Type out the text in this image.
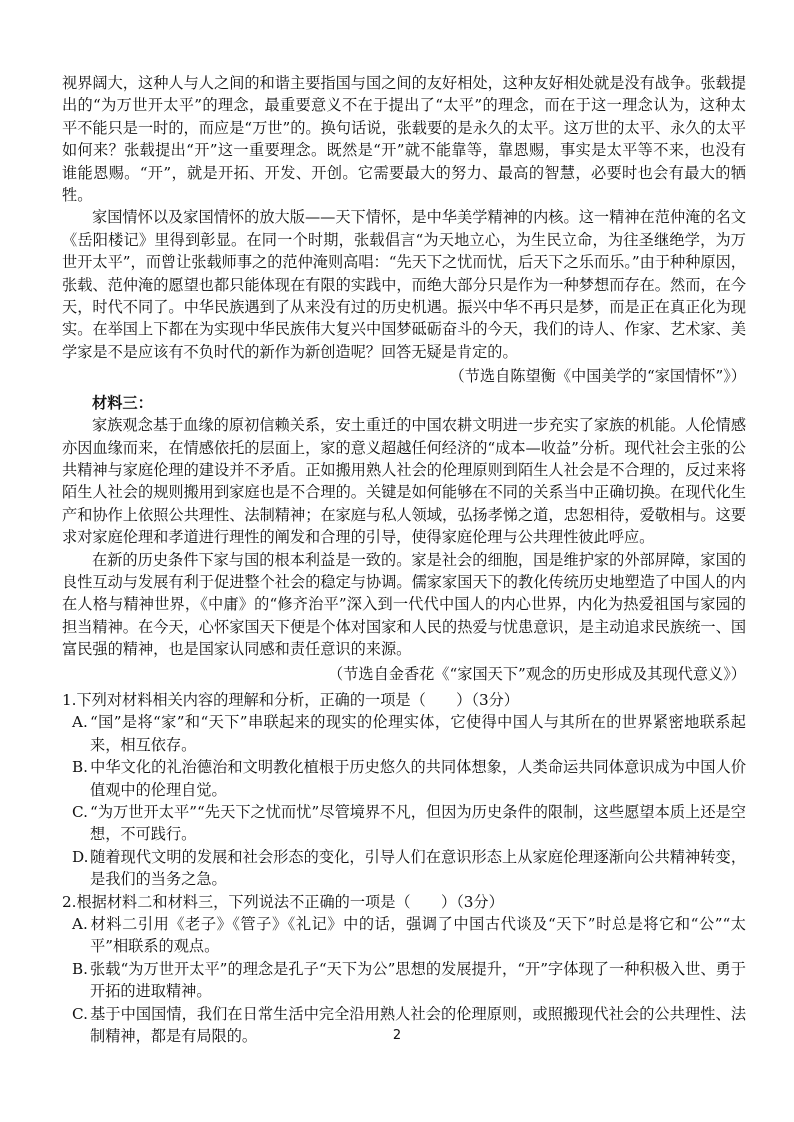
视界阔大，这种人与人之间的和谐主要指国与国之间的友好相处，这种友好相处就是没有战争。张载提出的“为万世开太平”的理念，最重要意义不在于提出了“太平”的理念，而在于这一理念认为，这种太平不能只是一时的，而应是“万世”的。换句话说，张载要的是永久的太平。这万世的太平、永久的太平如何来？张载提出“开”这一重要理念。既然是“开”就不能靠等，靠恩赐，事实是太平等不来，也没有谁能恩赐。“开”，就是开拓、开发、开创。它需要最大的努力、最高的智慧，必要时也会有最大的牺牲。

家国情怀以及家国情怀的放大版——天下情怀，是中华美学精神的内核。这一精神在范仲淹的名文《岳阳楼记》里得到彰显。在同一个时期，张载倡言“为天地立心，为生民立命，为往圣继绝学，为万世开太平”，而曾让张载师事之的范仲淹则高唱：“先天下之忧而忧，后天下之乐而乐。”由于种种原因，张载、范仲淹的愿望也都只能体现在有限的实践中，而绝大部分只是作为一种梦想而存在。然而，在今天，时代不同了。中华民族遇到了从来没有过的历史机遇。振兴中华不再只是梦，而是正在真正化为现实。在举国上下都在为实现中华民族伟大复兴中国梦砥砺奋斗的今天，我们的诗人、作家、艺术家、美学家是不是应该有不负时代的新作为新创造呢？回答无疑是肯定的。

（节选自陈望衡《中国美学的“家国情怀”》）

材料三：

家族观念基于血缘的原初信赖关系，安土重迁的中国农耕文明进一步充实了家族的机能。人伦情感亦因血缘而来，在情感依托的层面上，家的意义超越任何经济的“成本—收益”分析。现代社会主张的公共精神与家庭伦理的建设并不矛盾。正如搬用熟人社会的伦理原则到陌生人社会是不合理的，反过来将陌生人社会的规则搬用到家庭也是不合理的。关键是如何能够在不同的关系当中正确切换。在现代化生产和协作上依照公共理性、法制精神；在家庭与私人领域，弘扬孝悌之道，忠恕相待，爱敬相与。这要求对家庭伦理和孝道进行理性的阐发和合理的引导，使得家庭伦理与公共理性彼此呼应。

在新的历史条件下家与国的根本利益是一致的。家是社会的细胞，国是维护家的外部屏障，家国的良性互动与发展有利于促进整个社会的稳定与协调。儒家家国天下的教化传统历史地塑造了中国人的内在人格与精神世界，《中庸》的“修齐治平”深入到一代代中国人的内心世界，内化为热爱祖国与家园的担当精神。在今天，心怀家国天下便是个体对国家和人民的热爱与忧患意识，是主动追求民族统一、国富民强的精神，也是国家认同感和责任意识的来源。

（节选自金香花《“家国天下”观念的历史形成及其现代意义》）

1.下列对材料相关内容的理解和分析，正确的一项是（　　）（3分）

A. “国”是将“家”和“天下”串联起来的现实的伦理实体，它使得中国人与其所在的世界紧密地联系起来，相互依存。

B. 中华文化的礼治德治和文明教化植根于历史悠久的共同体想象，人类命运共同体意识成为中国人价值观中的伦理自觉。

C. “为万世开太平”“先天下之忧而忧”尽管境界不凡，但因为历史条件的限制，这些愿望本质上还是空想，不可践行。

D. 随着现代文明的发展和社会形态的变化，引导人们在意识形态上从家庭伦理逐渐向公共精神转变，是我们的当务之急。

2.根据材料二和材料三，下列说法不正确的一项是（　　）（3分）

A. 材料二引用《老子》《管子》《礼记》中的话，强调了中国古代谈及“天下”时总是将它和“公”“太平”相联系的观点。

B. 张载“为万世开太平”的理念是孔子“天下为公”思想的发展提升，“开”字体现了一种积极入世、勇于开拓的进取精神。

C. 基于中国国情，我们在日常生活中完全沿用熟人社会的伦理原则，或照搬现代社会的公共理性、法制精神，都是有局限的。	2
